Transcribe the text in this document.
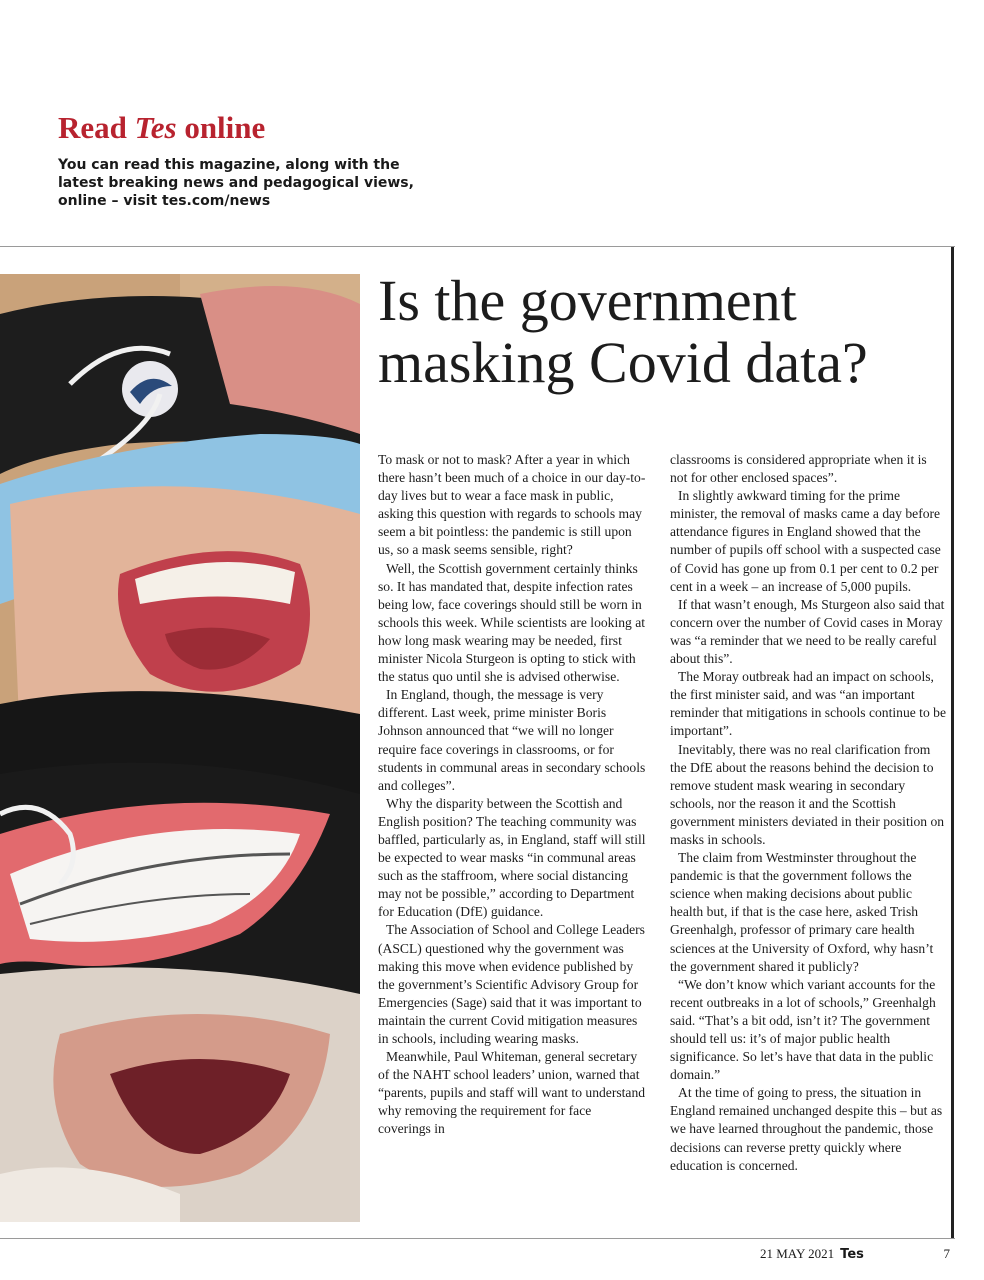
Read Tes online
You can read this magazine, along with the latest breaking news and pedagogical views, online – visit tes.com/news
Is the government masking Covid data?

To mask or not to mask? After a year in which there hasn’t been much of a choice in our day-to-day lives but to wear a face mask in public, asking this question with regards to schools may seem a bit pointless: the pandemic is still upon us, so a mask seems sensible, right?

Well, the Scottish government certainly thinks so. It has mandated that, despite infection rates being low, face coverings should still be worn in schools this week. While scientists are looking at how long mask wearing may be needed, first minister Nicola Sturgeon is opting to stick with the status quo until she is advised otherwise.

In England, though, the message is very different. Last week, prime minister Boris Johnson announced that “we will no longer require face coverings in classrooms, or for students in communal areas in secondary schools and colleges”.

Why the disparity between the Scottish and English position? The teaching community was baffled, particularly as, in England, staff will still be expected to wear masks “in communal areas such as the staffroom, where social distancing may not be possible,” according to Department for Education (DfE) guidance.

The Association of School and College Leaders (ASCL) questioned why the government was making this move when evidence published by the government’s Scientific Advisory Group for Emergencies (Sage) said that it was important to maintain the current Covid mitigation measures in schools, including wearing masks.

Meanwhile, Paul Whiteman, general secretary of the NAHT school leaders’ union, warned that “parents, pupils and staff will want to understand why removing the requirement for face coverings in

classrooms is considered appropriate when it is not for other enclosed spaces”.

In slightly awkward timing for the prime minister, the removal of masks came a day before attendance figures in England showed that the number of pupils off school with a suspected case of Covid has gone up from 0.1 per cent to 0.2 per cent in a week – an increase of 5,000 pupils.

If that wasn’t enough, Ms Sturgeon also said that concern over the number of Covid cases in Moray was “a reminder that we need to be really careful about this”.

The Moray outbreak had an impact on schools, the first minister said, and was “an important reminder that mitigations in schools continue to be important”.

Inevitably, there was no real clarification from the DfE about the reasons behind the decision to remove student mask wearing in secondary schools, nor the reason it and the Scottish government ministers deviated in their position on masks in schools.

The claim from Westminster throughout the pandemic is that the government follows the science when making decisions about public health but, if that is the case here, asked Trish Greenhalgh, professor of primary care health sciences at the University of Oxford, why hasn’t the government shared it publicly?

“We don’t know which variant accounts for the recent outbreaks in a lot of schools,” Greenhalgh said. “That’s a bit odd, isn’t it? The government should tell us: it’s of major public health significance. So let’s have that data in the public domain.”

At the time of going to press, the situation in England remained unchanged despite this – but as we have learned throughout the pandemic, those decisions can reverse pretty quickly where education is concerned.

21 MAY 2021 Tes	7
